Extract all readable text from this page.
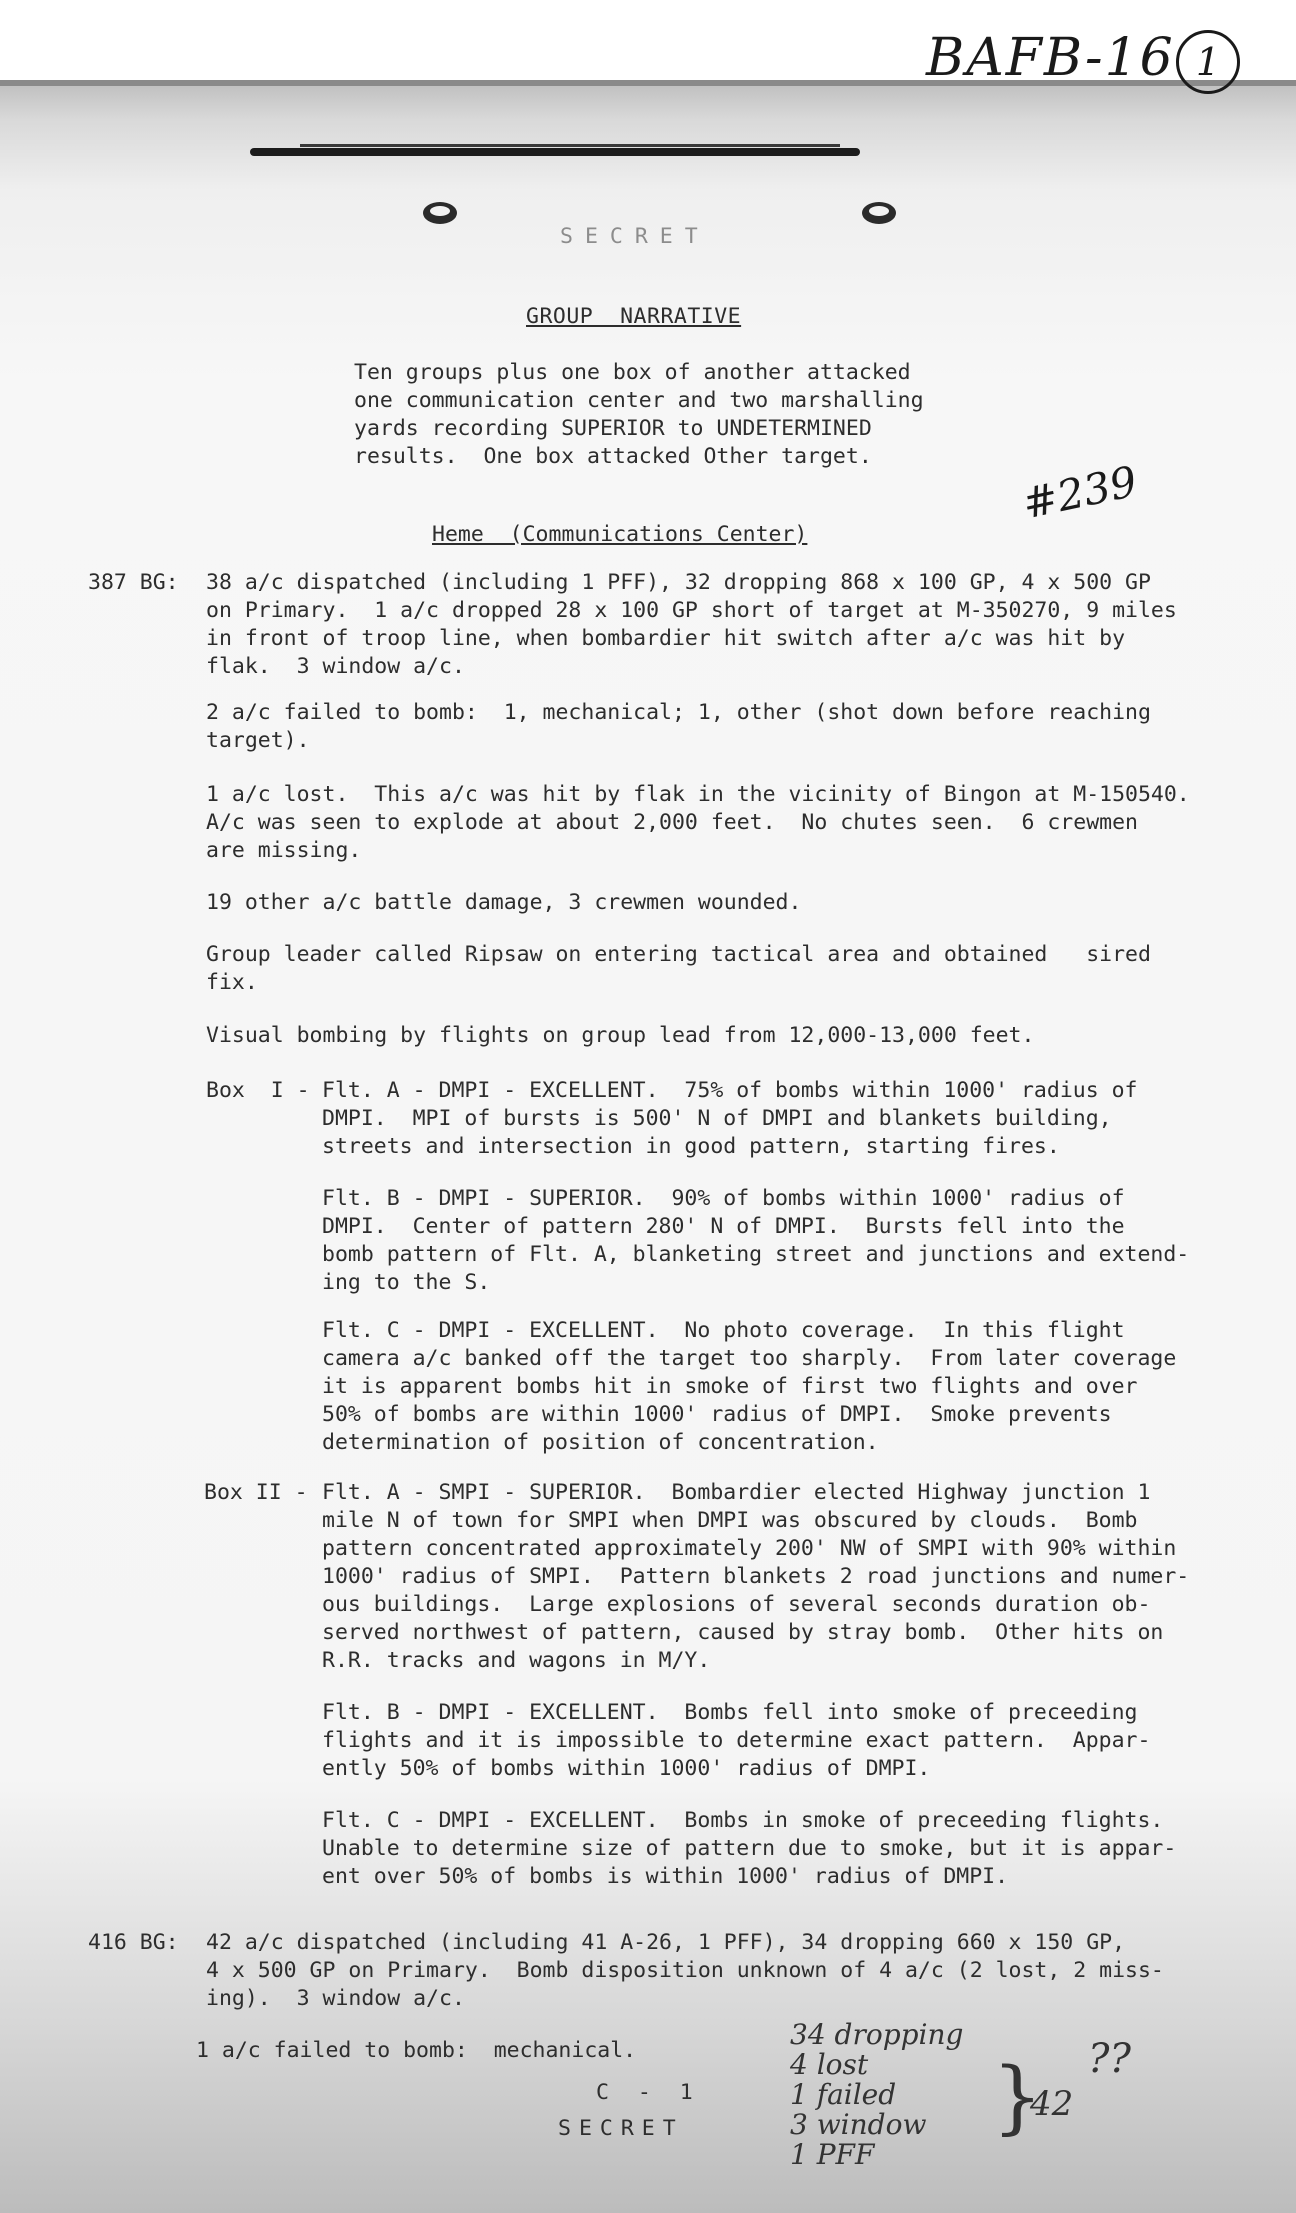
BAFB-16 1
#239
SECRET
GROUP  NARRATIVE
Ten groups plus one box of another attacked
one communication center and two marshalling
yards recording SUPERIOR to UNDETERMINED
results.  One box attacked Other target.
Heme  (Communications Center)
387 BG: 38 a/c dispatched (including 1 PFF), 32 dropping 868 x 100 GP, 4 x 500 GP
on Primary.  1 a/c dropped 28 x 100 GP short of target at M-350270, 9 miles
in front of troop line, when bombardier hit switch after a/c was hit by
flak.  3 window a/c.
2 a/c failed to bomb:  1, mechanical; 1, other (shot down before reaching
target).
1 a/c lost.  This a/c was hit by flak in the vicinity of Bingon at M-150540.
A/c was seen to explode at about 2,000 feet.  No chutes seen.  6 crewmen
are missing.
19 other a/c battle damage, 3 crewmen wounded.
Group leader called Ripsaw on entering tactical area and obtained   sired
fix.
Visual bombing by flights on group lead from 12,000-13,000 feet.
Box  I - Flt. A - DMPI - EXCELLENT.  75% of bombs within 1000' radius of
DMPI.  MPI of bursts is 500' N of DMPI and blankets building,
streets and intersection in good pattern, starting fires.
Flt. B - DMPI - SUPERIOR.  90% of bombs within 1000' radius of
DMPI.  Center of pattern 280' N of DMPI.  Bursts fell into the
bomb pattern of Flt. A, blanketing street and junctions and extend-
ing to the S.
Flt. C - DMPI - EXCELLENT.  No photo coverage.  In this flight
camera a/c banked off the target too sharply.  From later coverage
it is apparent bombs hit in smoke of first two flights and over
50% of bombs are within 1000' radius of DMPI.  Smoke prevents
determination of position of concentration.
Box II - Flt. A - SMPI - SUPERIOR.  Bombardier elected Highway junction 1
mile N of town for SMPI when DMPI was obscured by clouds.  Bomb
pattern concentrated approximately 200' NW of SMPI with 90% within
1000' radius of SMPI.  Pattern blankets 2 road junctions and numer-
ous buildings.  Large explosions of several seconds duration ob-
served northwest of pattern, caused by stray bomb.  Other hits on
R.R. tracks and wagons in M/Y.
Flt. B - DMPI - EXCELLENT.  Bombs fell into smoke of preceeding
flights and it is impossible to determine exact pattern.  Appar-
ently 50% of bombs within 1000' radius of DMPI.
Flt. C - DMPI - EXCELLENT.  Bombs in smoke of preceeding flights.
Unable to determine size of pattern due to smoke, but it is appar-
ent over 50% of bombs is within 1000' radius of DMPI.
416 BG: 42 a/c dispatched (including 41 A-26, 1 PFF), 34 dropping 660 x 150 GP,
4 x 500 GP on Primary.  Bomb disposition unknown of 4 a/c (2 lost, 2 miss-
ing).  3 window a/c.
1 a/c failed to bomb:  mechanical.
C - 1
SECRET
34 dropping
4 lost
1 failed
3 window
1 PFF
}
42
??
